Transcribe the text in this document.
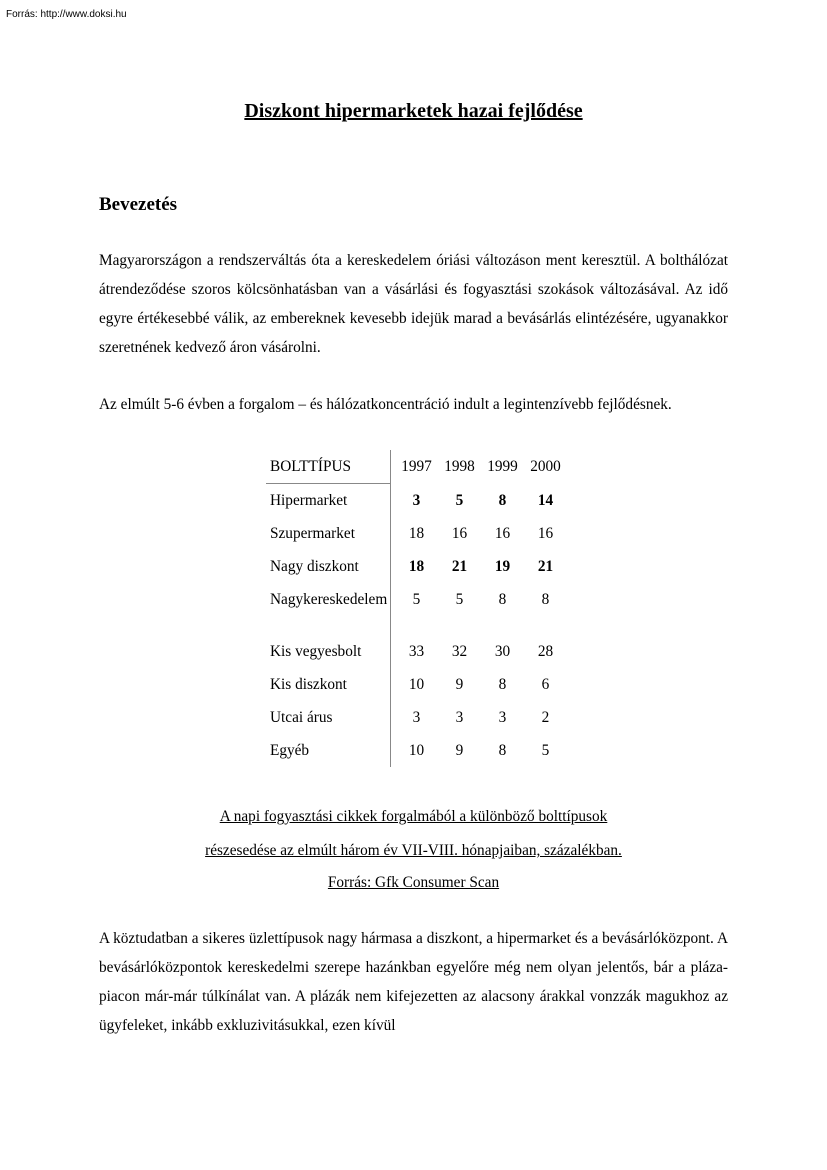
Forrás: http://www.doksi.hu
Diszkont hipermarketek hazai fejlődése
Bevezetés

Magyarországon a rendszerváltás óta a kereskedelem óriási változáson ment keresztül. A bolthálózat átrendeződése szoros kölcsönhatásban van a vásárlási és fogyasztási szokások változásával. Az idő egyre értékesebbé válik, az embereknek kevesebb idejük marad a bevásárlás elintézésére, ugyanakkor szeretnének kedvező áron vásárolni.

Az elmúlt 5-6 évben a forgalom – és hálózatkoncentráció indult a legintenzívebb fejlődésnek.

BOLTTÍPUS	1997	1998	1999	2000
Hipermarket	3	5	8	14
Szupermarket	18	16	16	16
Nagy diszkont	18	21	19	21
Nagykereskedelem	5	5	8	8
Kis vegyesbolt	33	32	30	28
Kis diszkont	10	9	8	6
Utcai árus	3	3	3	2
Egyéb	10	9	8	5

A napi fogyasztási cikkek forgalmából a különböző bolttípusok

részesedése az elmúlt három év VII-VIII. hónapjaiban, százalékban.

Forrás: Gfk Consumer Scan

A köztudatban a sikeres üzlettípusok nagy hármasa a diszkont, a hipermarket és a bevásárlóközpont. A bevásárlóközpontok kereskedelmi szerepe hazánkban egyelőre még nem olyan jelentős, bár a pláza-piacon már-már túlkínálat van. A plázák nem kifejezetten az alacsony árakkal vonzzák magukhoz az ügyfeleket, inkább exkluzivitásukkal, ezen kívül
